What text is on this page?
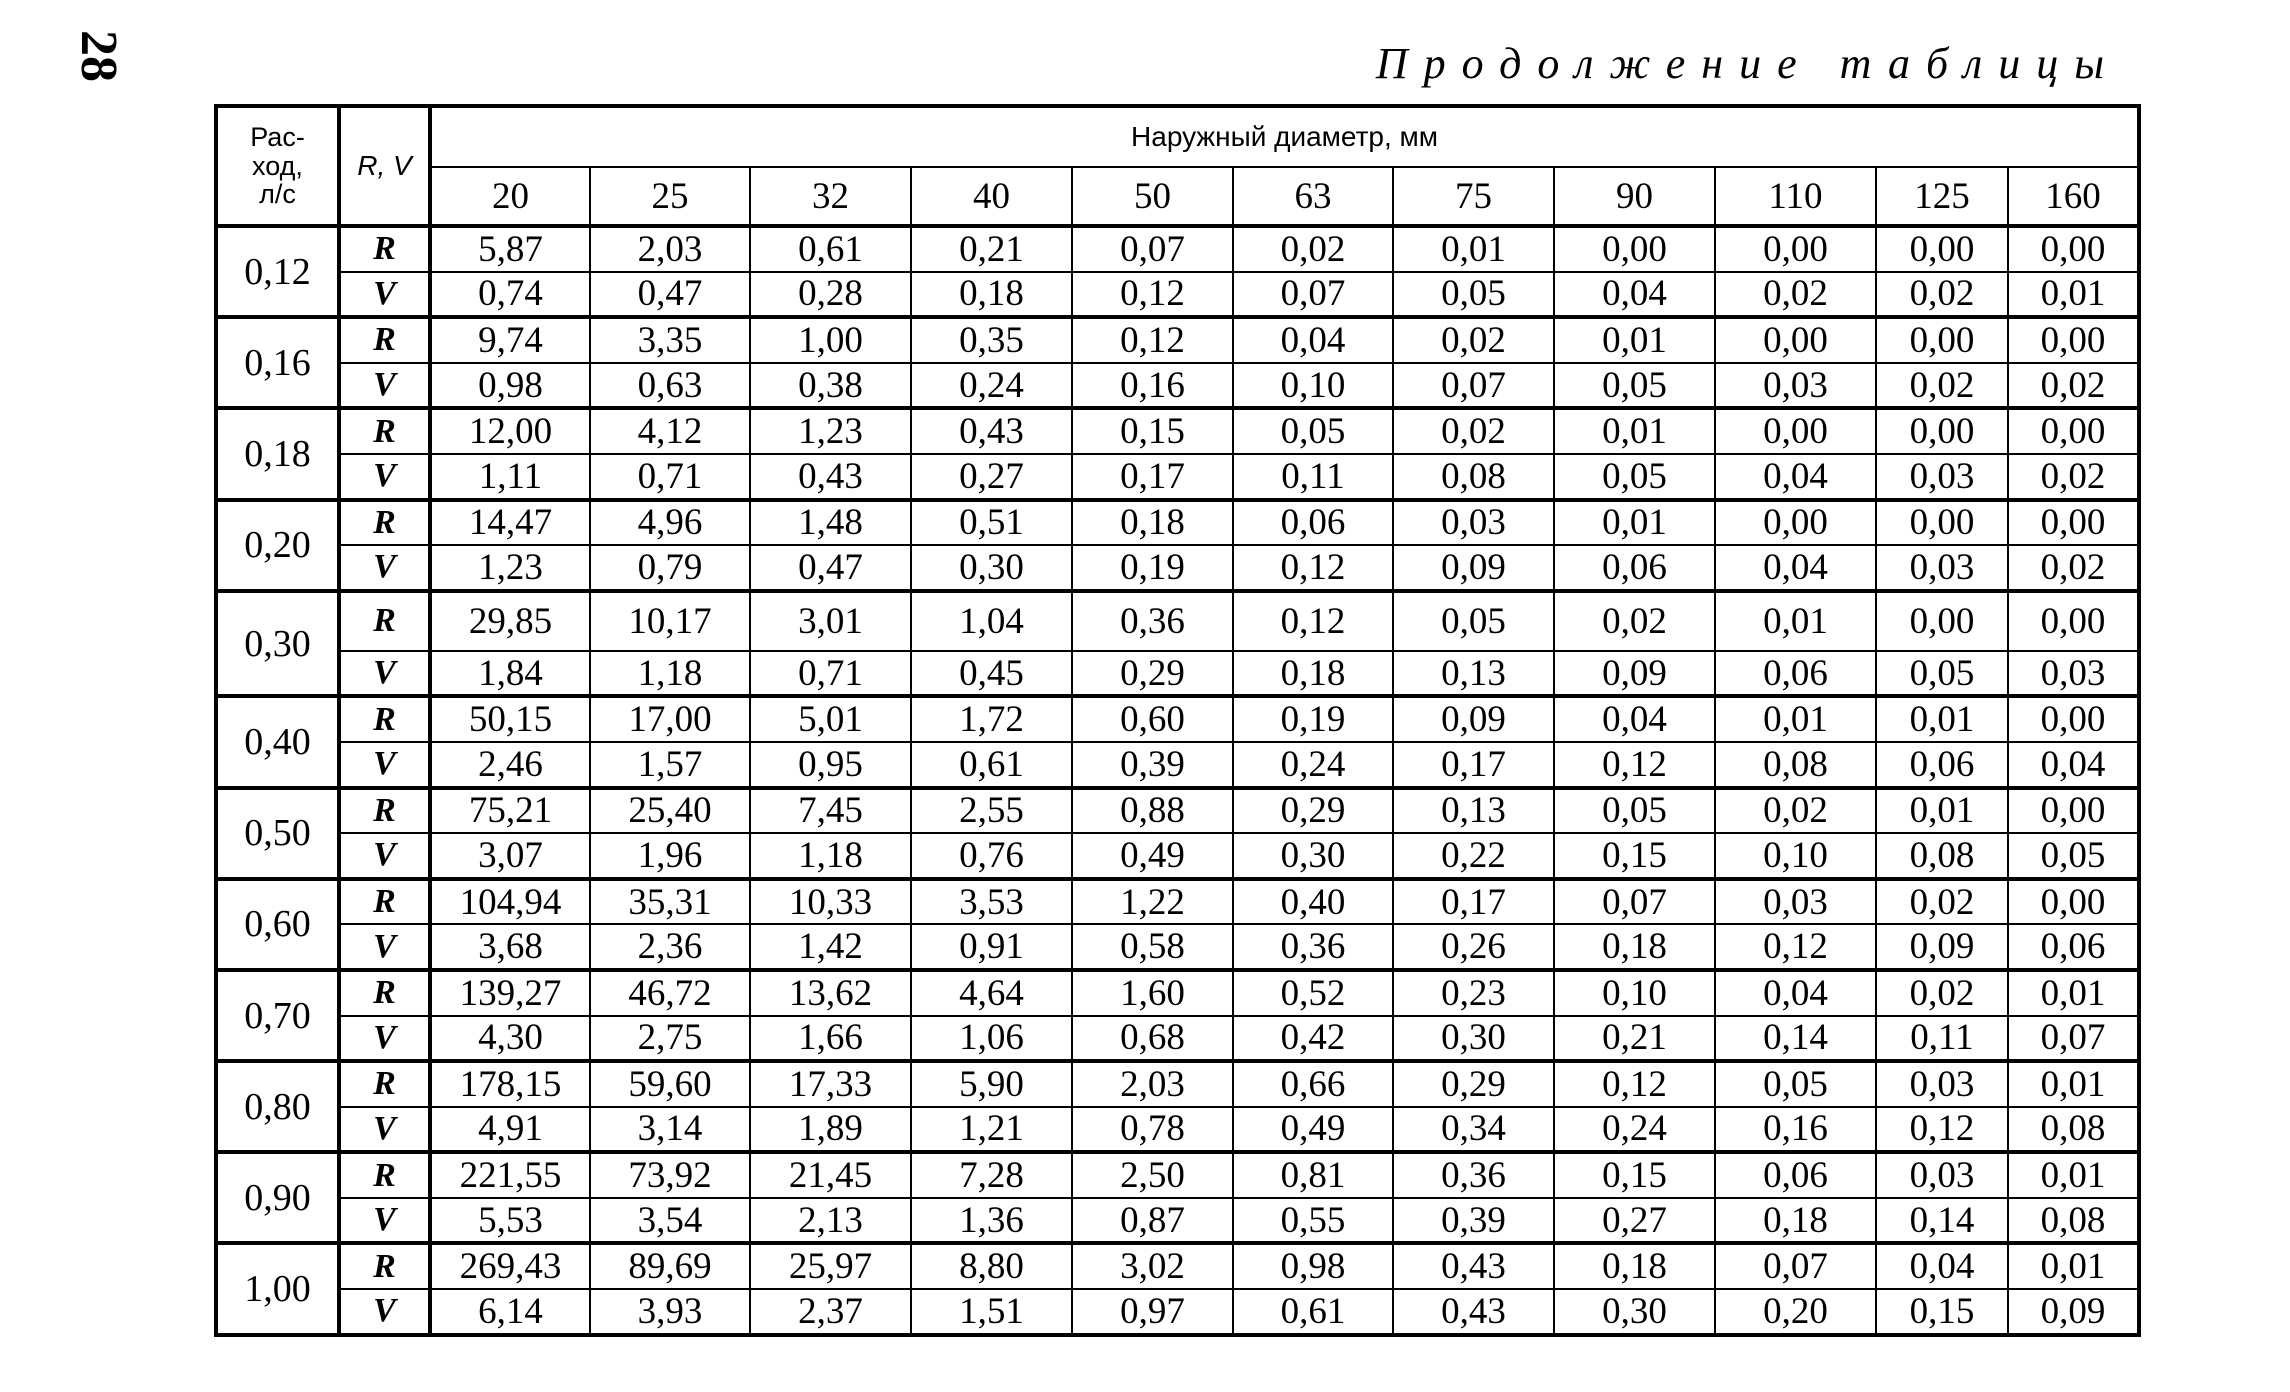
28	Продолжение таблицы
Рас-
ход,
л/с	R, V	Наружный диаметр, мм										
		20	25	32	40	50	63	75	90	110	125	160
0,12	R	5,87	2,03	0,61	0,21	0,07	0,02	0,01	0,00	0,00	0,00	0,00
	V	0,74	0,47	0,28	0,18	0,12	0,07	0,05	0,04	0,02	0,02	0,01
0,16	R	9,74	3,35	1,00	0,35	0,12	0,04	0,02	0,01	0,00	0,00	0,00
	V	0,98	0,63	0,38	0,24	0,16	0,10	0,07	0,05	0,03	0,02	0,02
0,18	R	12,00	4,12	1,23	0,43	0,15	0,05	0,02	0,01	0,00	0,00	0,00
	V	1,11	0,71	0,43	0,27	0,17	0,11	0,08	0,05	0,04	0,03	0,02
0,20	R	14,47	4,96	1,48	0,51	0,18	0,06	0,03	0,01	0,00	0,00	0,00
	V	1,23	0,79	0,47	0,30	0,19	0,12	0,09	0,06	0,04	0,03	0,02
0,30	R	29,85	10,17	3,01	1,04	0,36	0,12	0,05	0,02	0,01	0,00	0,00
	V	1,84	1,18	0,71	0,45	0,29	0,18	0,13	0,09	0,06	0,05	0,03
0,40	R	50,15	17,00	5,01	1,72	0,60	0,19	0,09	0,04	0,01	0,01	0,00
	V	2,46	1,57	0,95	0,61	0,39	0,24	0,17	0,12	0,08	0,06	0,04
0,50	R	75,21	25,40	7,45	2,55	0,88	0,29	0,13	0,05	0,02	0,01	0,00
	V	3,07	1,96	1,18	0,76	0,49	0,30	0,22	0,15	0,10	0,08	0,05
0,60	R	104,94	35,31	10,33	3,53	1,22	0,40	0,17	0,07	0,03	0,02	0,00
	V	3,68	2,36	1,42	0,91	0,58	0,36	0,26	0,18	0,12	0,09	0,06
0,70	R	139,27	46,72	13,62	4,64	1,60	0,52	0,23	0,10	0,04	0,02	0,01
	V	4,30	2,75	1,66	1,06	0,68	0,42	0,30	0,21	0,14	0,11	0,07
0,80	R	178,15	59,60	17,33	5,90	2,03	0,66	0,29	0,12	0,05	0,03	0,01
	V	4,91	3,14	1,89	1,21	0,78	0,49	0,34	0,24	0,16	0,12	0,08
0,90	R	221,55	73,92	21,45	7,28	2,50	0,81	0,36	0,15	0,06	0,03	0,01
	V	5,53	3,54	2,13	1,36	0,87	0,55	0,39	0,27	0,18	0,14	0,08
1,00	R	269,43	89,69	25,97	8,80	3,02	0,98	0,43	0,18	0,07	0,04	0,01
	V	6,14	3,93	2,37	1,51	0,97	0,61	0,43	0,30	0,20	0,15	0,09
